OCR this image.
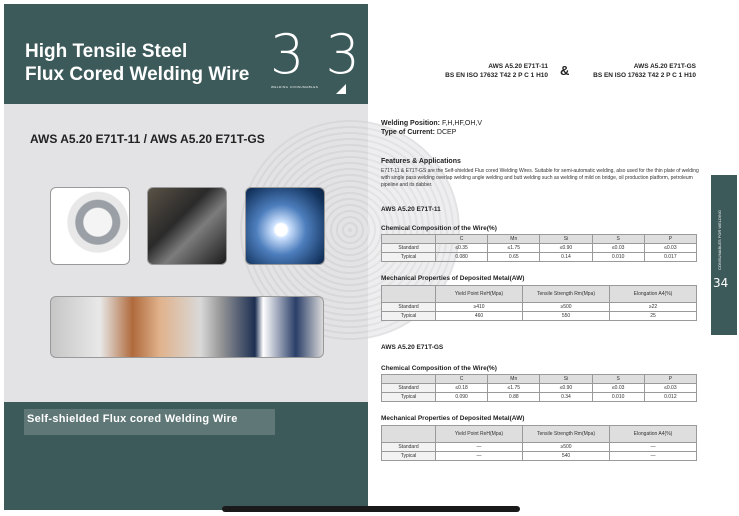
High Tensile Steel
Flux Cored Welding Wire 3 3
WELDING CONSUMABLES
AWS A5.20 E71T-11 / AWS A5.20 E71T-GS
Self-shielded Flux cored Welding Wire
AWS A5.20 E71T-11
BS EN ISO 17632 T42 2 P C 1 H10 &	AWS A5.20 E71T-GS
BS EN ISO 17632 T42 2 P C 1 H10
Welding Position: F,H,HF,OH,V
Type of Current: DCEP
Features & Applications
E71T-11 & E71T-GS are the Self-shielded Flux cored Welding Wires. Suitable for semi-automatic welding, also used for the thin plate of welding with single pass welding overlap welding angle welding and butt welding such as welding of mild on bridge, oil production platform, petroleum pipeline and its dabber.
AWS A5.20 E71T-11
Chemical Composition of the Wire(%)
	C	Mn	Si	S	P
Standard	≤0.35	≤1.75	≤0.90	≤0.03	≤0.03
Typical	0.080	0.65	0.14	0.010	0.017
Mechanical Properties of Deposited Metal(AW)
	Yield Point ReH(Mpa)	Tensile Strength Rm(Mpa)	Elongation A4(%)
Standard	≥410	≥500	≥22
Typical	460	550	25
AWS A5.20 E71T-GS
Chemical Composition of the Wire(%)
	C	Mn	Si	S	P
Standard	≤0.18	≤1.75	≤0.90	≤0.03	≤0.03
Typical	0.090	0.88	0.34	0.010	0.012
Mechanical Properties of Deposited Metal(AW)
	Yield Point ReH(Mpa)	Tensile Strength Rm(Mpa)	Elongation A4(%)
Standard	—	≥500	—
Typical	—	540	—
CONSUMABLES FOR WELDING
34
